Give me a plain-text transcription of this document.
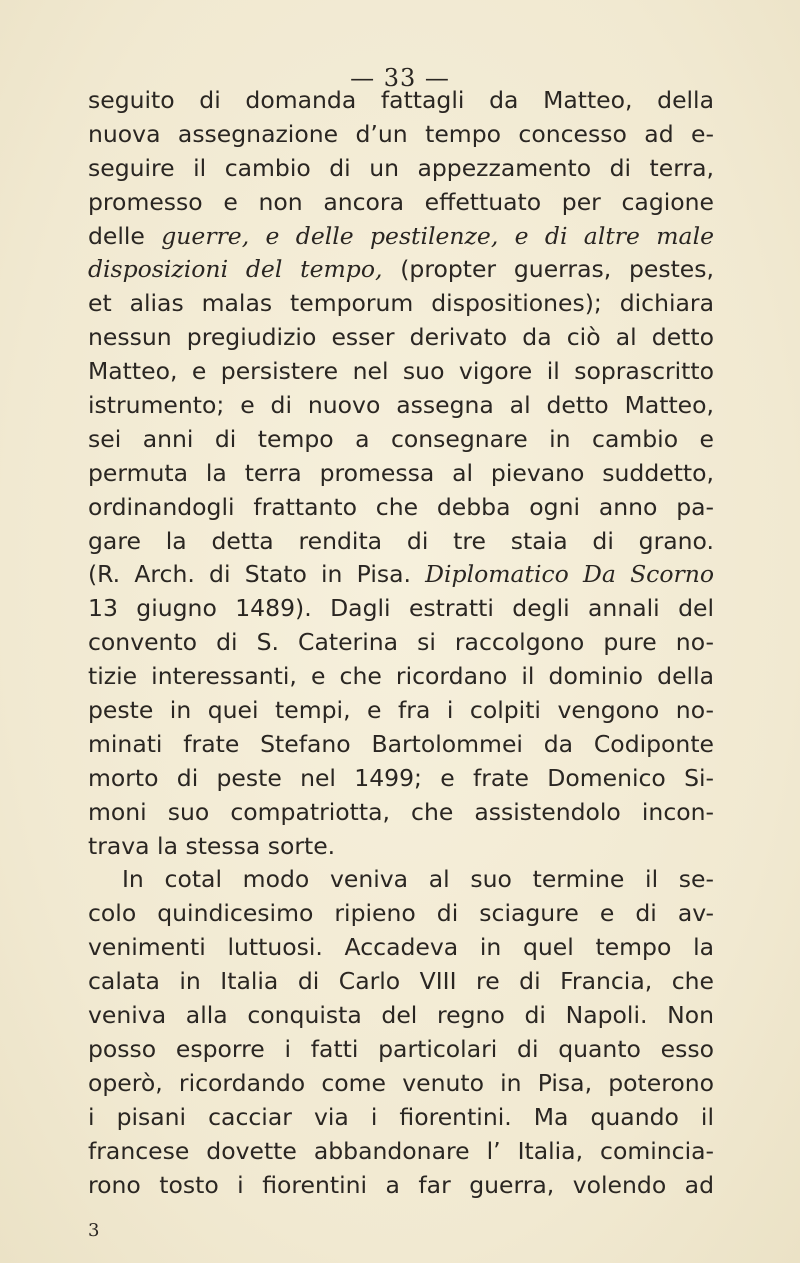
— 33 —
seguito di domanda fattagli da Matteo, della
nuova assegnazione d’un tempo concesso ad e-
seguire il cambio di un appezzamento di terra,
promesso e non ancora effettuato per cagione
delle guerre, e delle pestilenze, e di altre male
disposizioni del tempo, (propter guerras, pestes,
et alias malas temporum dispositiones); dichiara
nessun pregiudizio esser derivato da ciò al detto
Matteo, e persistere nel suo vigore il soprascritto
istrumento; e di nuovo assegna al detto Matteo,
sei anni di tempo a consegnare in cambio e
permuta la terra promessa al pievano suddetto,
ordinandogli frattanto che debba ogni anno pa-
gare la detta rendita di tre staia di grano.
(R. Arch. di Stato in Pisa. Diplomatico Da Scorno
13 giugno 1489). Dagli estratti degli annali del
convento di S. Caterina si raccolgono pure no-
tizie interessanti, e che ricordano il dominio della
peste in quei tempi, e fra i colpiti vengono no-
minati frate Stefano Bartolommei da Codiponte
morto di peste nel 1499; e frate Domenico Si-
moni suo compatriotta, che assistendolo incon-
trava la stessa sorte.
In cotal modo veniva al suo termine il se-
colo quindicesimo ripieno di sciagure e di av-
venimenti luttuosi. Accadeva in quel tempo la
calata in Italia di Carlo VIII re di Francia, che
veniva alla conquista del regno di Napoli. Non
posso esporre i fatti particolari di quanto esso
operò, ricordando come venuto in Pisa, poterono
i pisani cacciar via i fiorentini. Ma quando il
francese dovette abbandonare l’ Italia, comincia-
rono tosto i fiorentini a far guerra, volendo ad
3
